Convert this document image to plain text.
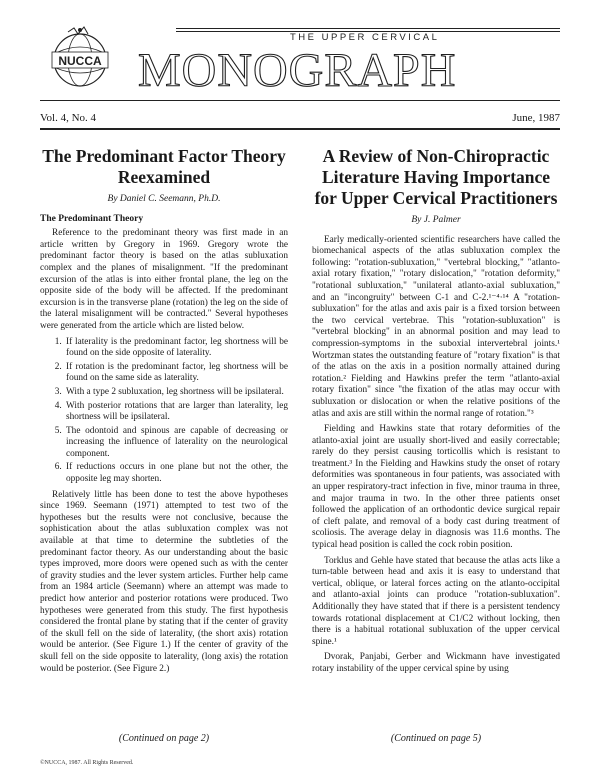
NUCCA
THE UPPER CERVICAL
MONOGRAPH
Vol. 4, No. 4	June, 1987
The Predominant Factor Theory Reexamined
By Daniel C. Seemann, Ph.D.
The Predominant Theory

Reference to the predominant theory was first made in an article written by Gregory in 1969. Gregory wrote the predominant factor theory is based on the atlas subluxation complex and the planes of misalignment. "If the predominant excursion of the atlas is into either frontal plane, the leg on the opposite side of the body will be affected. If the predominant excursion is in the transverse plane (rotation) the leg on the side of the lateral misalignment will be contracted." Several hypotheses were generated from the article which are listed below.

1. If laterality is the predominant factor, leg shortness will be found on the side opposite of laterality.
2. If rotation is the predominant factor, leg shortness will be found on the same side as laterality.
3. With a type 2 subluxation, leg shortness will be ipsilateral.
4. With posterior rotations that are larger than laterality, leg shortness will be ipsilateral.
5. The odontoid and spinous are capable of decreasing or increasing the influence of laterality on the neurological component.
6. If reductions occurs in one plane but not the other, the opposite leg may shorten.

Relatively little has been done to test the above hypotheses since 1969. Seemann (1971) attempted to test two of the hypotheses but the results were not conclusive, because the sophistication about the atlas subluxation complex was not available at that time to determine the subtleties of the predominant factor theory. As our understanding about the basic types improved, more doors were opened such as with the center of gravity studies and the lever system articles. Further help came from an 1984 article (Seemann) where an attempt was made to predict how anterior and posterior rotations were produced. Two hypotheses were generated from this study. The first hypothesis considered the frontal plane by stating that if the center of gravity of the skull fell on the side of laterality, (the short axis) rotation would be anterior. (See Figure 1.) If the center of gravity of the skull fell on the side opposite to laterality, (long axis) the rotation would be posterior. (See Figure 2.)

(Continued on page 2)
A Review of Non-Chiropractic Literature Having Importance for Upper Cervical Practitioners
By J. Palmer

Early medically-oriented scientific researchers have called the biomechanical aspects of the atlas subluxation complex the following: "rotation-subluxation," "vertebral blocking," "atlanto-axial rotary fixation," "rotary dislocation," "rotation deformity," "rotational subluxation," "unilateral atlanto-axial subluxation," and an "incongruity" between C-1 and C-2.¹⁻⁴·¹⁴ A "rotation-subluxation" for the atlas and axis pair is a fixed torsion between the two cervical vertebrae. This "rotation-subluxation" is "vertebral blocking" in an abnormal position and may lead to compression-symptoms in the suboxial intervertebral joints.¹ Wortzman states the outstanding feature of "rotary fixation" is that of the atlas on the axis in a position normally attained during rotation.² Fielding and Hawkins prefer the term "atlanto-axial rotary fixation" since "the fixation of the atlas may occur with subluxation or dislocation or when the relative positions of the atlas and axis are still within the normal range of rotation."³

Fielding and Hawkins state that rotary deformities of the atlanto-axial joint are usually short-lived and easily correctable; rarely do they persist causing torticollis which is resistant to treatment.³ In the Fielding and Hawkins study the onset of rotary deformities was spontaneous in four patients, was associated with an upper respiratory-tract infection in five, minor trauma in three, and major trauma in two. In the other three patients onset followed the application of an orthodontic device surgical repair of cleft palate, and removal of a body cast during treatment of scoliosis. The average delay in diagnosis was 11.6 months. The typical head position is called the cock robin position.

Torklus and Gehle have stated that because the atlas acts like a turn-table between head and axis it is easy to understand that vertical, oblique, or lateral forces acting on the atlanto-occipital and atlanto-axial joints can produce "rotation-subluxation". Additionally they have stated that if there is a persistent tendency towards rotational displacement at C1/C2 without locking, then there is a habitual rotational subluxation of the upper cervical spine.¹

Dvorak, Panjabi, Gerber and Wickmann have investigated rotary instability of the upper cervical spine by using

(Continued on page 5)
©NUCCA, 1987. All Rights Reserved.
